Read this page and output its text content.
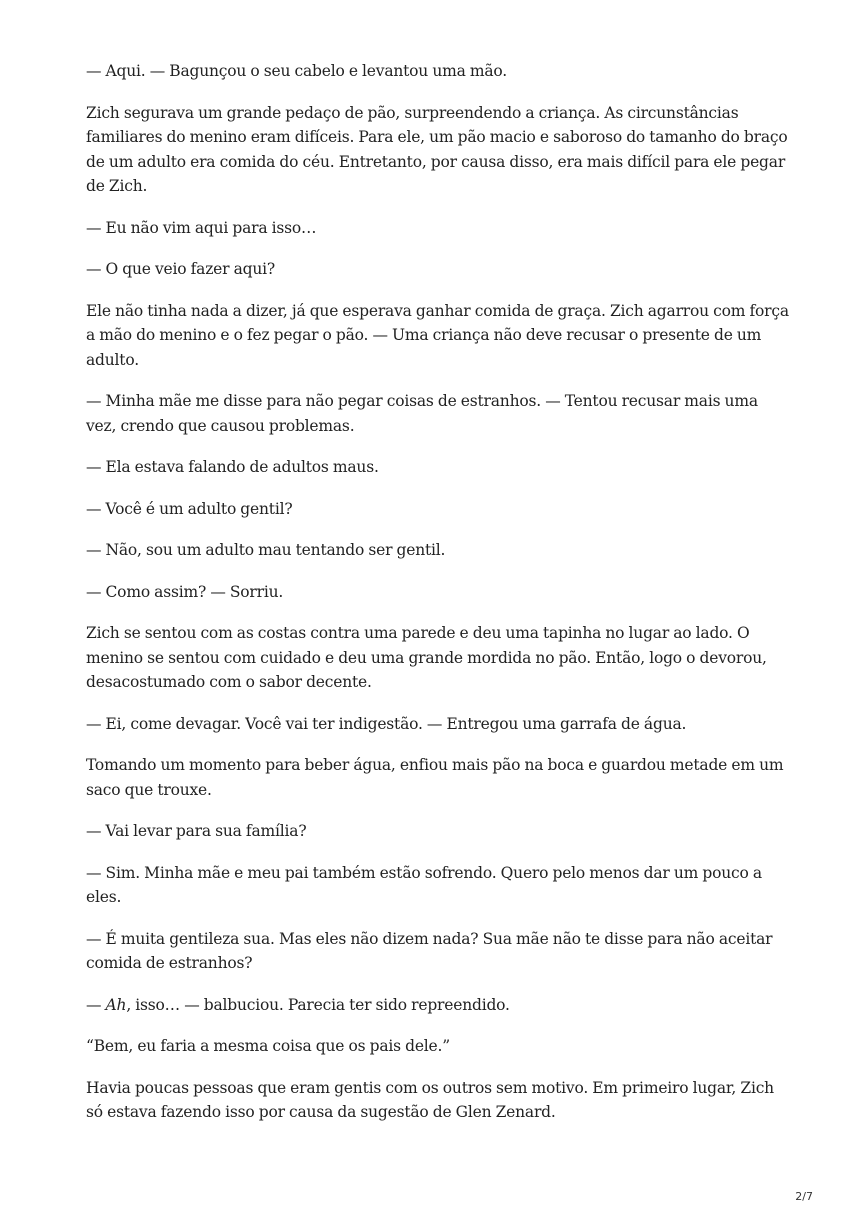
— Aqui. — Bagunçou o seu cabelo e levantou uma mão.

Zich segurava um grande pedaço de pão, surpreendendo a criança. As circunstâncias familiares do menino eram difíceis. Para ele, um pão macio e saboroso do tamanho do braço de um adulto era comida do céu. Entretanto, por causa disso, era mais difícil para ele pegar de Zich.

— Eu não vim aqui para isso…

— O que veio fazer aqui?

Ele não tinha nada a dizer, já que esperava ganhar comida de graça. Zich agarrou com força a mão do menino e o fez pegar o pão. — Uma criança não deve recusar o presente de um adulto.

— Minha mãe me disse para não pegar coisas de estranhos. — Tentou recusar mais uma vez, crendo que causou problemas.

— Ela estava falando de adultos maus.

— Você é um adulto gentil?

— Não, sou um adulto mau tentando ser gentil.

— Como assim? — Sorriu.

Zich se sentou com as costas contra uma parede e deu uma tapinha no lugar ao lado. O menino se sentou com cuidado e deu uma grande mordida no pão. Então, logo o devorou, desacostumado com o sabor decente.

— Ei, come devagar. Você vai ter indigestão. — Entregou uma garrafa de água.

Tomando um momento para beber água, enfiou mais pão na boca e guardou metade em um saco que trouxe.

— Vai levar para sua família?

— Sim. Minha mãe e meu pai também estão sofrendo. Quero pelo menos dar um pouco a eles.

— É muita gentileza sua. Mas eles não dizem nada? Sua mãe não te disse para não aceitar comida de estranhos?

— Ah, isso… — balbuciou. Parecia ter sido repreendido.

“Bem, eu faria a mesma coisa que os pais dele.”

Havia poucas pessoas que eram gentis com os outros sem motivo. Em primeiro lugar, Zich só estava fazendo isso por causa da sugestão de Glen Zenard.

2/7
